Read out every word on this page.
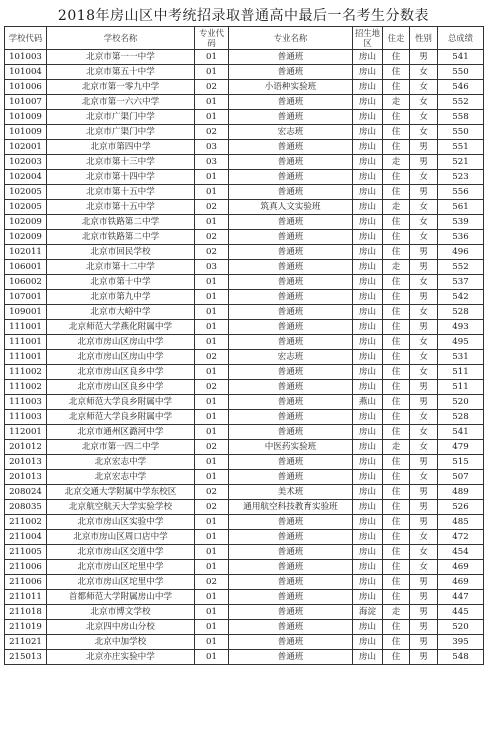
2018年房山区中考统招录取普通高中最后一名考生分数表
学校代码	学校名称	专业代码	专业名称	招生地区	住走	性别	总成绩
101003	北京市第一一中学	01	普通班	房山	住	男	541
101004	北京市第五十中学	01	普通班	房山	住	女	550
101006	北京市第一零九中学	02	小语种实验班	房山	住	女	546
101007	北京市第一六六中学	01	普通班	房山	走	女	552
101009	北京市广渠门中学	01	普通班	房山	住	女	558
101009	北京市广渠门中学	02	宏志班	房山	住	女	550
102001	北京市第四中学	03	普通班	房山	住	男	551
102003	北京市第十三中学	03	普通班	房山	走	男	521
102004	北京市第十四中学	01	普通班	房山	住	女	523
102005	北京市第十五中学	01	普通班	房山	住	男	556
102005	北京市第十五中学	02	筑真人文实验班	房山	走	女	561
102009	北京市铁路第二中学	01	普通班	房山	住	女	539
102009	北京市铁路第二中学	02	普通班	房山	住	女	536
102011	北京市回民学校	02	普通班	房山	住	男	496
106001	北京市第十二中学	03	普通班	房山	走	男	552
106002	北京市第十中学	01	普通班	房山	住	女	537
107001	北京市第九中学	01	普通班	房山	住	男	542
109001	北京市大峪中学	01	普通班	房山	住	女	528
111001	北京师范大学燕化附属中学	01	普通班	房山	住	男	493
111001	北京市房山区房山中学	01	普通班	房山	住	女	495
111001	北京市房山区房山中学	02	宏志班	房山	住	女	531
111002	北京市房山区良乡中学	01	普通班	房山	住	女	511
111002	北京市房山区良乡中学	02	普通班	房山	住	男	511
111003	北京师范大学良乡附属中学	01	普通班	燕山	住	男	520
111003	北京师范大学良乡附属中学	01	普通班	房山	住	女	528
112001	北京市通州区潞河中学	01	普通班	房山	住	女	541
201012	北京市第一四二中学	02	中医药实验班	房山	走	女	479
201013	北京宏志中学	01	普通班	房山	住	男	515
201013	北京宏志中学	01	普通班	房山	住	女	507
208024	北京交通大学附属中学东校区	02	美术班	房山	住	男	489
208035	北京航空航天大学实验学校	02	通用航空科技教育实验班	房山	住	男	526
211002	北京市房山区实验中学	01	普通班	房山	住	男	485
211004	北京市房山区周口店中学	01	普通班	房山	住	女	472
211005	北京市房山区交道中学	01	普通班	房山	住	女	454
211006	北京市房山区坨里中学	01	普通班	房山	住	女	469
211006	北京市房山区坨里中学	02	普通班	房山	住	男	469
211011	首都师范大学附属房山中学	01	普通班	房山	住	男	447
211018	北京市博文学校	01	普通班	海淀	走	男	445
211019	北京四中房山分校	01	普通班	房山	住	男	520
211021	北京中加学校	01	普通班	房山	住	男	395
215013	北京亦庄实验中学	01	普通班	房山	住	男	548
